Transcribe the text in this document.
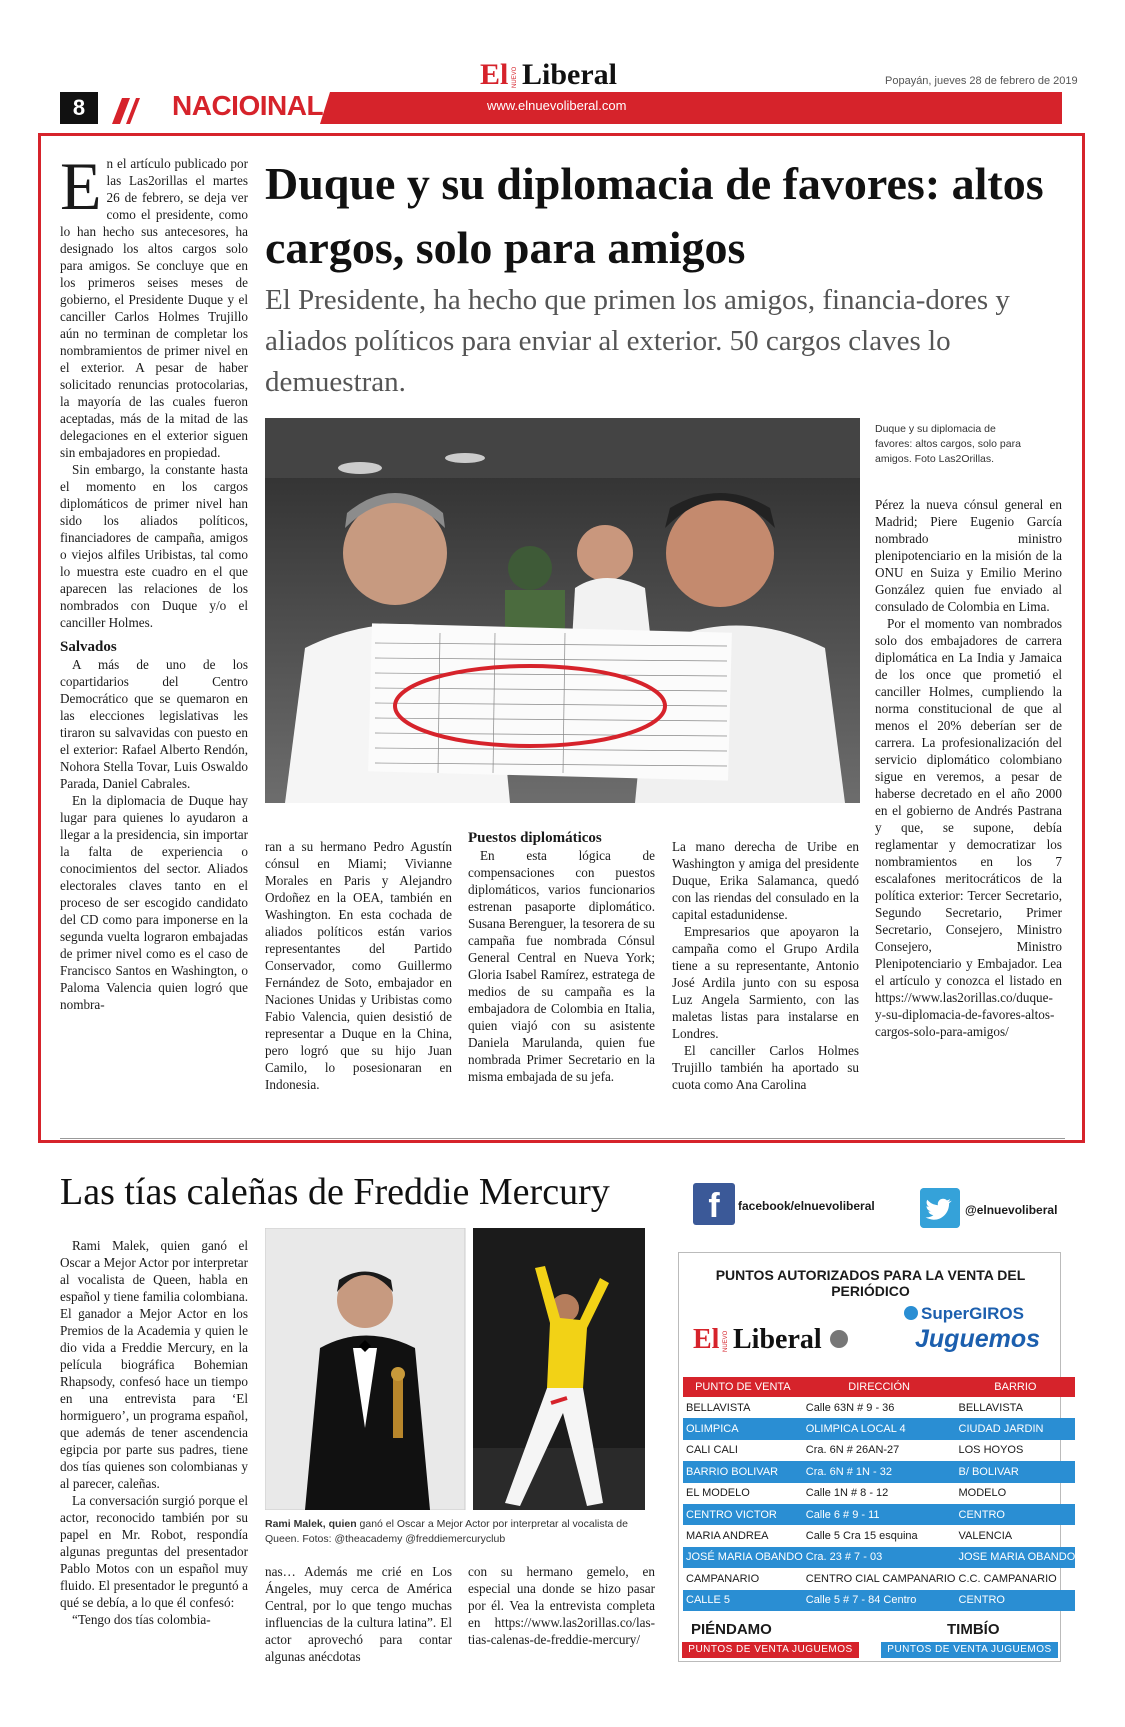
8	NACIOINAL
El NUEVO Liberal
www.elnuevoliberal.com
Popayán, jueves 28 de febrero de 2019

En el artículo publicado por las Las2orillas el martes 26 de febrero, se deja ver como el presidente, como lo han hecho sus antecesores, ha designado los altos cargos solo para amigos. Se concluye que en los primeros seises meses de gobierno, el Presidente Duque y el canciller Carlos Holmes Trujillo aún no terminan de completar los nombramientos de primer nivel en el exterior. A pesar de haber solicitado renuncias protocolarias, la mayoría de las cuales fueron aceptadas, más de la mitad de las delegaciones en el exterior siguen sin embajadores en propiedad.

Sin embargo, la constante hasta el momento en los cargos diplomáticos de primer nivel han sido los aliados políticos, financiadores de campaña, amigos o viejos alfiles Uribistas, tal como lo muestra este cuadro en el que aparecen las relaciones de los nombrados con Duque y/o el canciller Holmes.

Salvados

A más de uno de los copartidarios del Centro Democrático que se quemaron en las elecciones legislativas les tiraron su salvavidas con puesto en el exterior: Rafael Alberto Rendón, Nohora Stella Tovar, Luis Oswaldo Parada, Daniel Cabrales.

En la diplomacia de Duque hay lugar para quienes lo ayudaron a llegar a la presidencia, sin importar la falta de experiencia o conocimientos del sector. Aliados electorales claves tanto en el proceso de ser escogido candidato del CD como para imponerse en la segunda vuelta lograron embajadas de primer nivel como es el caso de Francisco Santos en Washington, o Paloma Valencia quien logró que nombra-

Duque y su diplomacia de favores: altos cargos, solo para amigos
El Presidente, ha hecho que primen los amigos, financia-dores y aliados políticos para enviar al exterior. 50 cargos claves lo demuestran.
Duque y su diplomacia de favores: altos cargos, solo para amigos. Foto Las2Orillas.

ran a su hermano Pedro Agustín cónsul en Miami; Vivianne Morales en Paris y Alejandro Ordoñez en la OEA, también en Washington. En esta cochada de aliados políticos están varios representantes del Partido Conservador, como Guillermo Fernández de Soto, embajador en Naciones Unidas y Uribistas como Fabio Valencia, quien desistió de representar a Duque en la China, pero logró que su hijo Juan Camilo, lo posesionaran en Indonesia.

Puestos diplomáticos

En esta lógica de compensaciones con puestos diplomáticos, varios funcionarios estrenan pasaporte diplomático. Susana Berenguer, la tesorera de su campaña fue nombrada Cónsul General Central en Nueva York; Gloria Isabel Ramírez, estratega de medios de su campaña es la embajadora de Colombia en Italia, quien viajó con su asistente Daniela Marulanda, quien fue nombrada Primer Secretario en la misma embajada de su jefa.

La mano derecha de Uribe en Washington y amiga del presidente Duque, Erika Salamanca, quedó con las riendas del consulado en la capital estadunidense.

Empresarios que apoyaron la campaña como el Grupo Ardila tiene a su representante, Antonio José Ardila junto con su esposa Luz Angela Sarmiento, con las maletas listas para instalarse en Londres.

El canciller Carlos Holmes Trujillo también ha aportado su cuota como Ana Carolina

Pérez la nueva cónsul general en Madrid; Piere Eugenio García nombrado ministro plenipotenciario en la misión de la ONU en Suiza y Emilio Merino González quien fue enviado al consulado de Colombia en Lima.

Por el momento van nombrados solo dos embajadores de carrera diplomática en La India y Jamaica de los once que prometió el canciller Holmes, cumpliendo la norma constitucional de que al menos el 20% deberían ser de carrera. La profesionalización del servicio diplomático colombiano sigue en veremos, a pesar de haberse decretado en el año 2000 en el gobierno de Andrés Pastrana y que, se supone, debía reglamentar y democratizar los nombramientos en los 7 escalafones meritocráticos de la política exterior: Tercer Secretario, Segundo Secretario, Primer Secretario, Consejero, Ministro Consejero, Ministro Plenipotenciario y Embajador. Lea el artículo y conozca el listado en https://www.las2orillas.co/duque-y-su-diplomacia-de-favores-altos-cargos-solo-para-amigos/

Las tías caleñas de Freddie Mercury	f	facebook/elnuevoliberal	@elnuevoliberal

Rami Malek, quien ganó el Oscar a Mejor Actor por interpretar al vocalista de Queen, habla en español y tiene familia colombiana. El ganador a Mejor Actor en los Premios de la Academia y quien le dio vida a Freddie Mercury, en la película biográfica Bohemian Rhapsody, confesó hace un tiempo en una entrevista para ‘El hormiguero’, un programa español, que además de tener ascendencia egipcia por parte sus padres, tiene dos tías quienes son colombianas y al parecer, caleñas.

La conversación surgió porque el actor, reconocido también por su papel en Mr. Robot, respondía algunas preguntas del presentador Pablo Motos con un español muy fluido. El presentador le preguntó a qué se debía, a lo que él confesó:

“Tengo dos tías colombia-

Rami Malek, quien ganó el Oscar a Mejor Actor por interpretar al vocalista de Queen. Fotos: @theacademy @freddiemercuryclub

nas… Además me crié en Los Ángeles, muy cerca de América Central, por lo que tengo muchas influencias de la cultura latina”. El actor aprovechó para contar algunas anécdotas

con su hermano gemelo, en especial una donde se hizo pasar por él. Vea la entrevista completa en https://www.las2orillas.co/las-tias-calenas-de-freddie-mercury/

PUNTOS AUTORIZADOS PARA LA VENTA DEL PERIÓDICO
El NUEVO Liberal
SuperGIROS
Juguemos
PUNTO DE VENTA	DIRECCIÓN	BARRIO
BELLAVISTA	Calle 63N # 9 - 36	BELLAVISTA
OLIMPICA	OLIMPICA LOCAL 4	CIUDAD JARDIN
CALI CALI	Cra. 6N # 26AN-27	LOS HOYOS
BARRIO BOLIVAR	Cra. 6N # 1N - 32	B/ BOLIVAR
EL MODELO	Calle 1N # 8 - 12	MODELO
CENTRO VICTOR	Calle 6 # 9 - 11	CENTRO
MARIA ANDREA	Calle 5 Cra 15 esquina	VALENCIA
JOSÉ MARIA OBANDO	Cra. 23 # 7 - 03	JOSE MARIA OBANDO
CAMPANARIO	CENTRO CIAL CAMPANARIO	C.C. CAMPANARIO
CALLE 5	Calle 5 # 7 - 84 Centro	CENTRO
PIÉNDAMO	TIMBÍO
PUNTOS DE VENTA JUGUEMOS	PUNTOS DE VENTA JUGUEMOS
